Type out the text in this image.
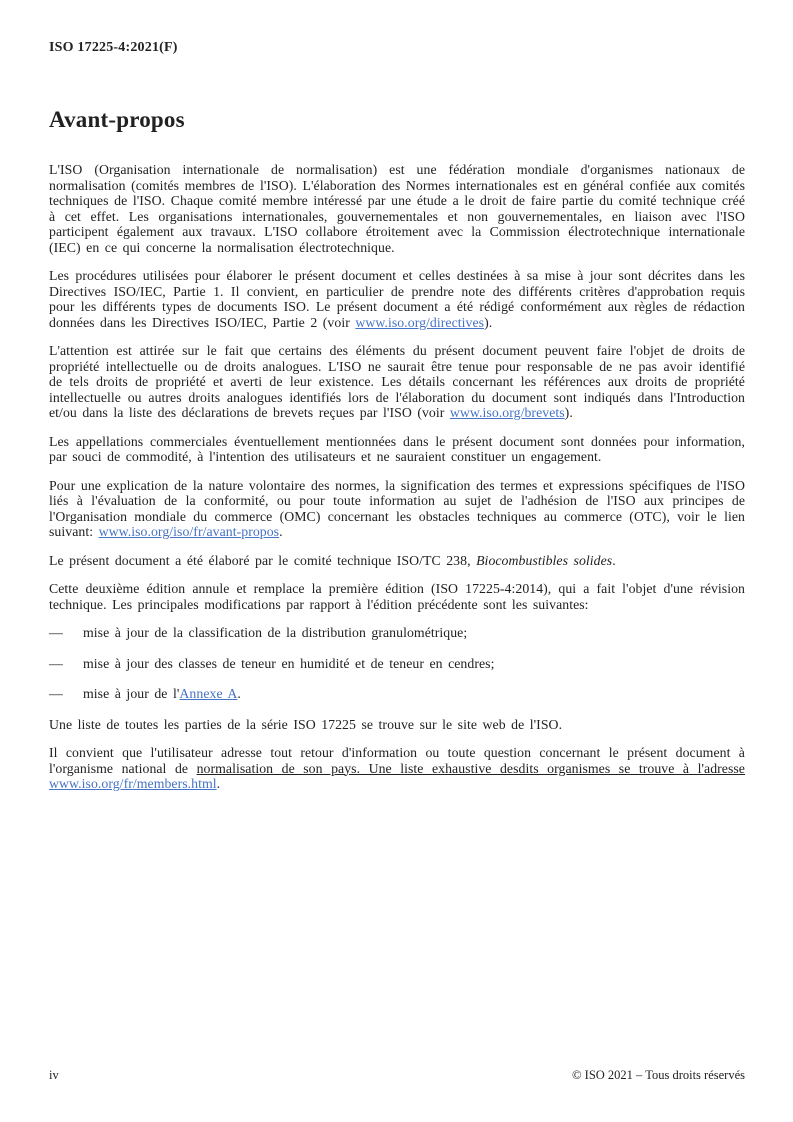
ISO 17225-4:2021(F)
Avant-propos

L'ISO (Organisation internationale de normalisation) est une fédération mondiale d'organismes nationaux de normalisation (comités membres de l'ISO). L'élaboration des Normes internationales est en général confiée aux comités techniques de l'ISO. Chaque comité membre intéressé par une étude a le droit de faire partie du comité technique créé à cet effet. Les organisations internationales, gouvernementales et non gouvernementales, en liaison avec l'ISO participent également aux travaux. L'ISO collabore étroitement avec la Commission électrotechnique internationale (IEC) en ce qui concerne la normalisation électrotechnique.

Les procédures utilisées pour élaborer le présent document et celles destinées à sa mise à jour sont décrites dans les Directives ISO/IEC, Partie 1. Il convient, en particulier de prendre note des différents critères d'approbation requis pour les différents types de documents ISO. Le présent document a été rédigé conformément aux règles de rédaction données dans les Directives ISO/IEC, Partie 2 (voir www.iso.org/directives).

L'attention est attirée sur le fait que certains des éléments du présent document peuvent faire l'objet de droits de propriété intellectuelle ou de droits analogues. L'ISO ne saurait être tenue pour responsable de ne pas avoir identifié de tels droits de propriété et averti de leur existence. Les détails concernant les références aux droits de propriété intellectuelle ou autres droits analogues identifiés lors de l'élaboration du document sont indiqués dans l'Introduction et/ou dans la liste des déclarations de brevets reçues par l'ISO (voir www.iso.org/brevets).

Les appellations commerciales éventuellement mentionnées dans le présent document sont données pour information, par souci de commodité, à l'intention des utilisateurs et ne sauraient constituer un engagement.

Pour une explication de la nature volontaire des normes, la signification des termes et expressions spécifiques de l'ISO liés à l'évaluation de la conformité, ou pour toute information au sujet de l'adhésion de l'ISO aux principes de l'Organisation mondiale du commerce (OMC) concernant les obstacles techniques au commerce (OTC), voir le lien suivant: www.iso.org/iso/fr/avant-propos.

Le présent document a été élaboré par le comité technique ISO/TC 238, Biocombustibles solides.

Cette deuxième édition annule et remplace la première édition (ISO 17225-4:2014), qui a fait l'objet d'une révision technique. Les principales modifications par rapport à l'édition précédente sont les suivantes:

—	mise à jour de la classification de la distribution granulométrique;
—	mise à jour des classes de teneur en humidité et de teneur en cendres;
—	mise à jour de l'Annexe A.

Une liste de toutes les parties de la série ISO 17225 se trouve sur le site web de l'ISO.

Il convient que l'utilisateur adresse tout retour d'information ou toute question concernant le présent document à l'organisme national de normalisation de son pays. Une liste exhaustive desdits organismes se trouve à l'adresse www.iso.org/fr/members.html.

iv	© ISO 2021 – Tous droits réservés
